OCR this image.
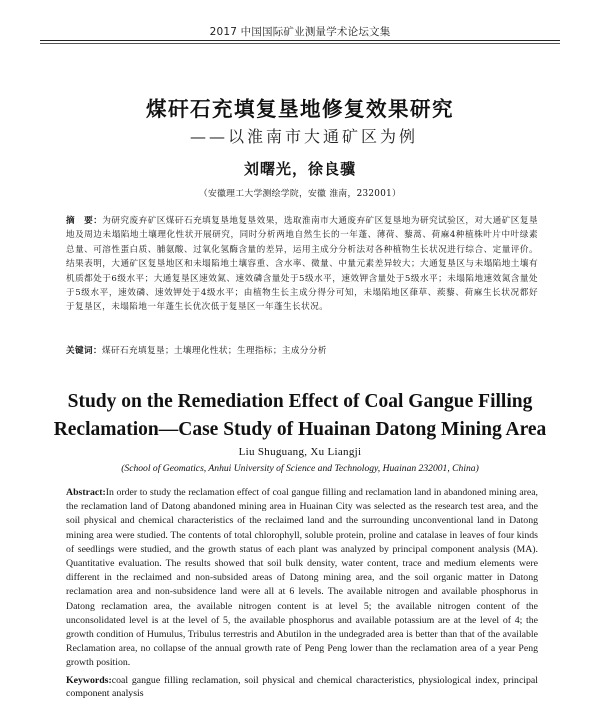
2017 中国国际矿业测量学术论坛文集
煤矸石充填复垦地修复效果研究
——以淮南市大通矿区为例
刘曙光，徐良骥
（安徽理工大学测绘学院，安徽 淮南，232001）

摘　要：为研究废弃矿区煤矸石充填复垦地复垦效果，选取淮南市大通废弃矿区复垦地为研究试验区，对大通矿区复垦地及周边未塌陷地土壤理化性状开展研究，同时分析两地自然生长的一年蓬、薄荷、藜蒿、荷麻4种植株叶片中叶绿素总量、可溶性蛋白质、脯氨酸、过氧化氢酶含量的差异，运用主成分分析法对各种植物生长状况进行综合、定量评价。结果表明，大通矿区复垦地区和未塌陷地土壤容重、含水率、微量、中量元素差异较大；大通复垦区与未塌陷地土壤有机质都处于6级水平；大通复垦区速效氮、速效磷含量处于5级水平，速效钾含量处于5级水平；未塌陷地速效氮含量处于5级水平，速效磷、速效钾处于4级水平；由植物生长主成分得分可知，未塌陷地区葎草、蒺藜、荷麻生长状况都好于复垦区，未塌陷地一年蓬生长优次低于复垦区一年蓬生长状况。

关键词：煤矸石充填复垦；土壤理化性状；生理指标；主成分分析

Study on the Remediation Effect of Coal Gangue Filling
Reclamation—Case Study of Huainan Datong Mining Area
Liu Shuguang, Xu Liangji
(School of Geomatics, Anhui University of Science and Technology, Huainan 232001, China)

Abstract:In order to study the reclamation effect of coal gangue filling and reclamation land in abandoned mining area, the reclamation land of Datong abandoned mining area in Huainan City was selected as the research test area, and the soil physical and chemical characteristics of the reclaimed land and the surrounding unconventional land in Datong mining area were studied. The contents of total chlorophyll, soluble protein, proline and catalase in leaves of four kinds of seedlings were studied, and the growth status of each plant was analyzed by principal component analysis (MA). Quantitative evaluation. The results showed that soil bulk density, water content, trace and medium elements were different in the reclaimed and non-subsided areas of Datong mining area, and the soil organic matter in Datong reclamation area and non-subsidence land were all at 6 levels. The available nitrogen and available phosphorus in Datong reclamation area, the available nitrogen content is at level 5; the available nitrogen content of the unconsolidated level is at the level of 5, the available phosphorus and available potassium are at the level of 4; the growth condition of Humulus, Tribulus terrestris and Abutilon in the undegraded area is better than that of the available Reclamation area, no collapse of the annual growth rate of Peng Peng lower than the reclamation area of a year Peng growth position.

Keywords:coal gangue filling reclamation, soil physical and chemical characteristics, physiological index, principal component analysis
